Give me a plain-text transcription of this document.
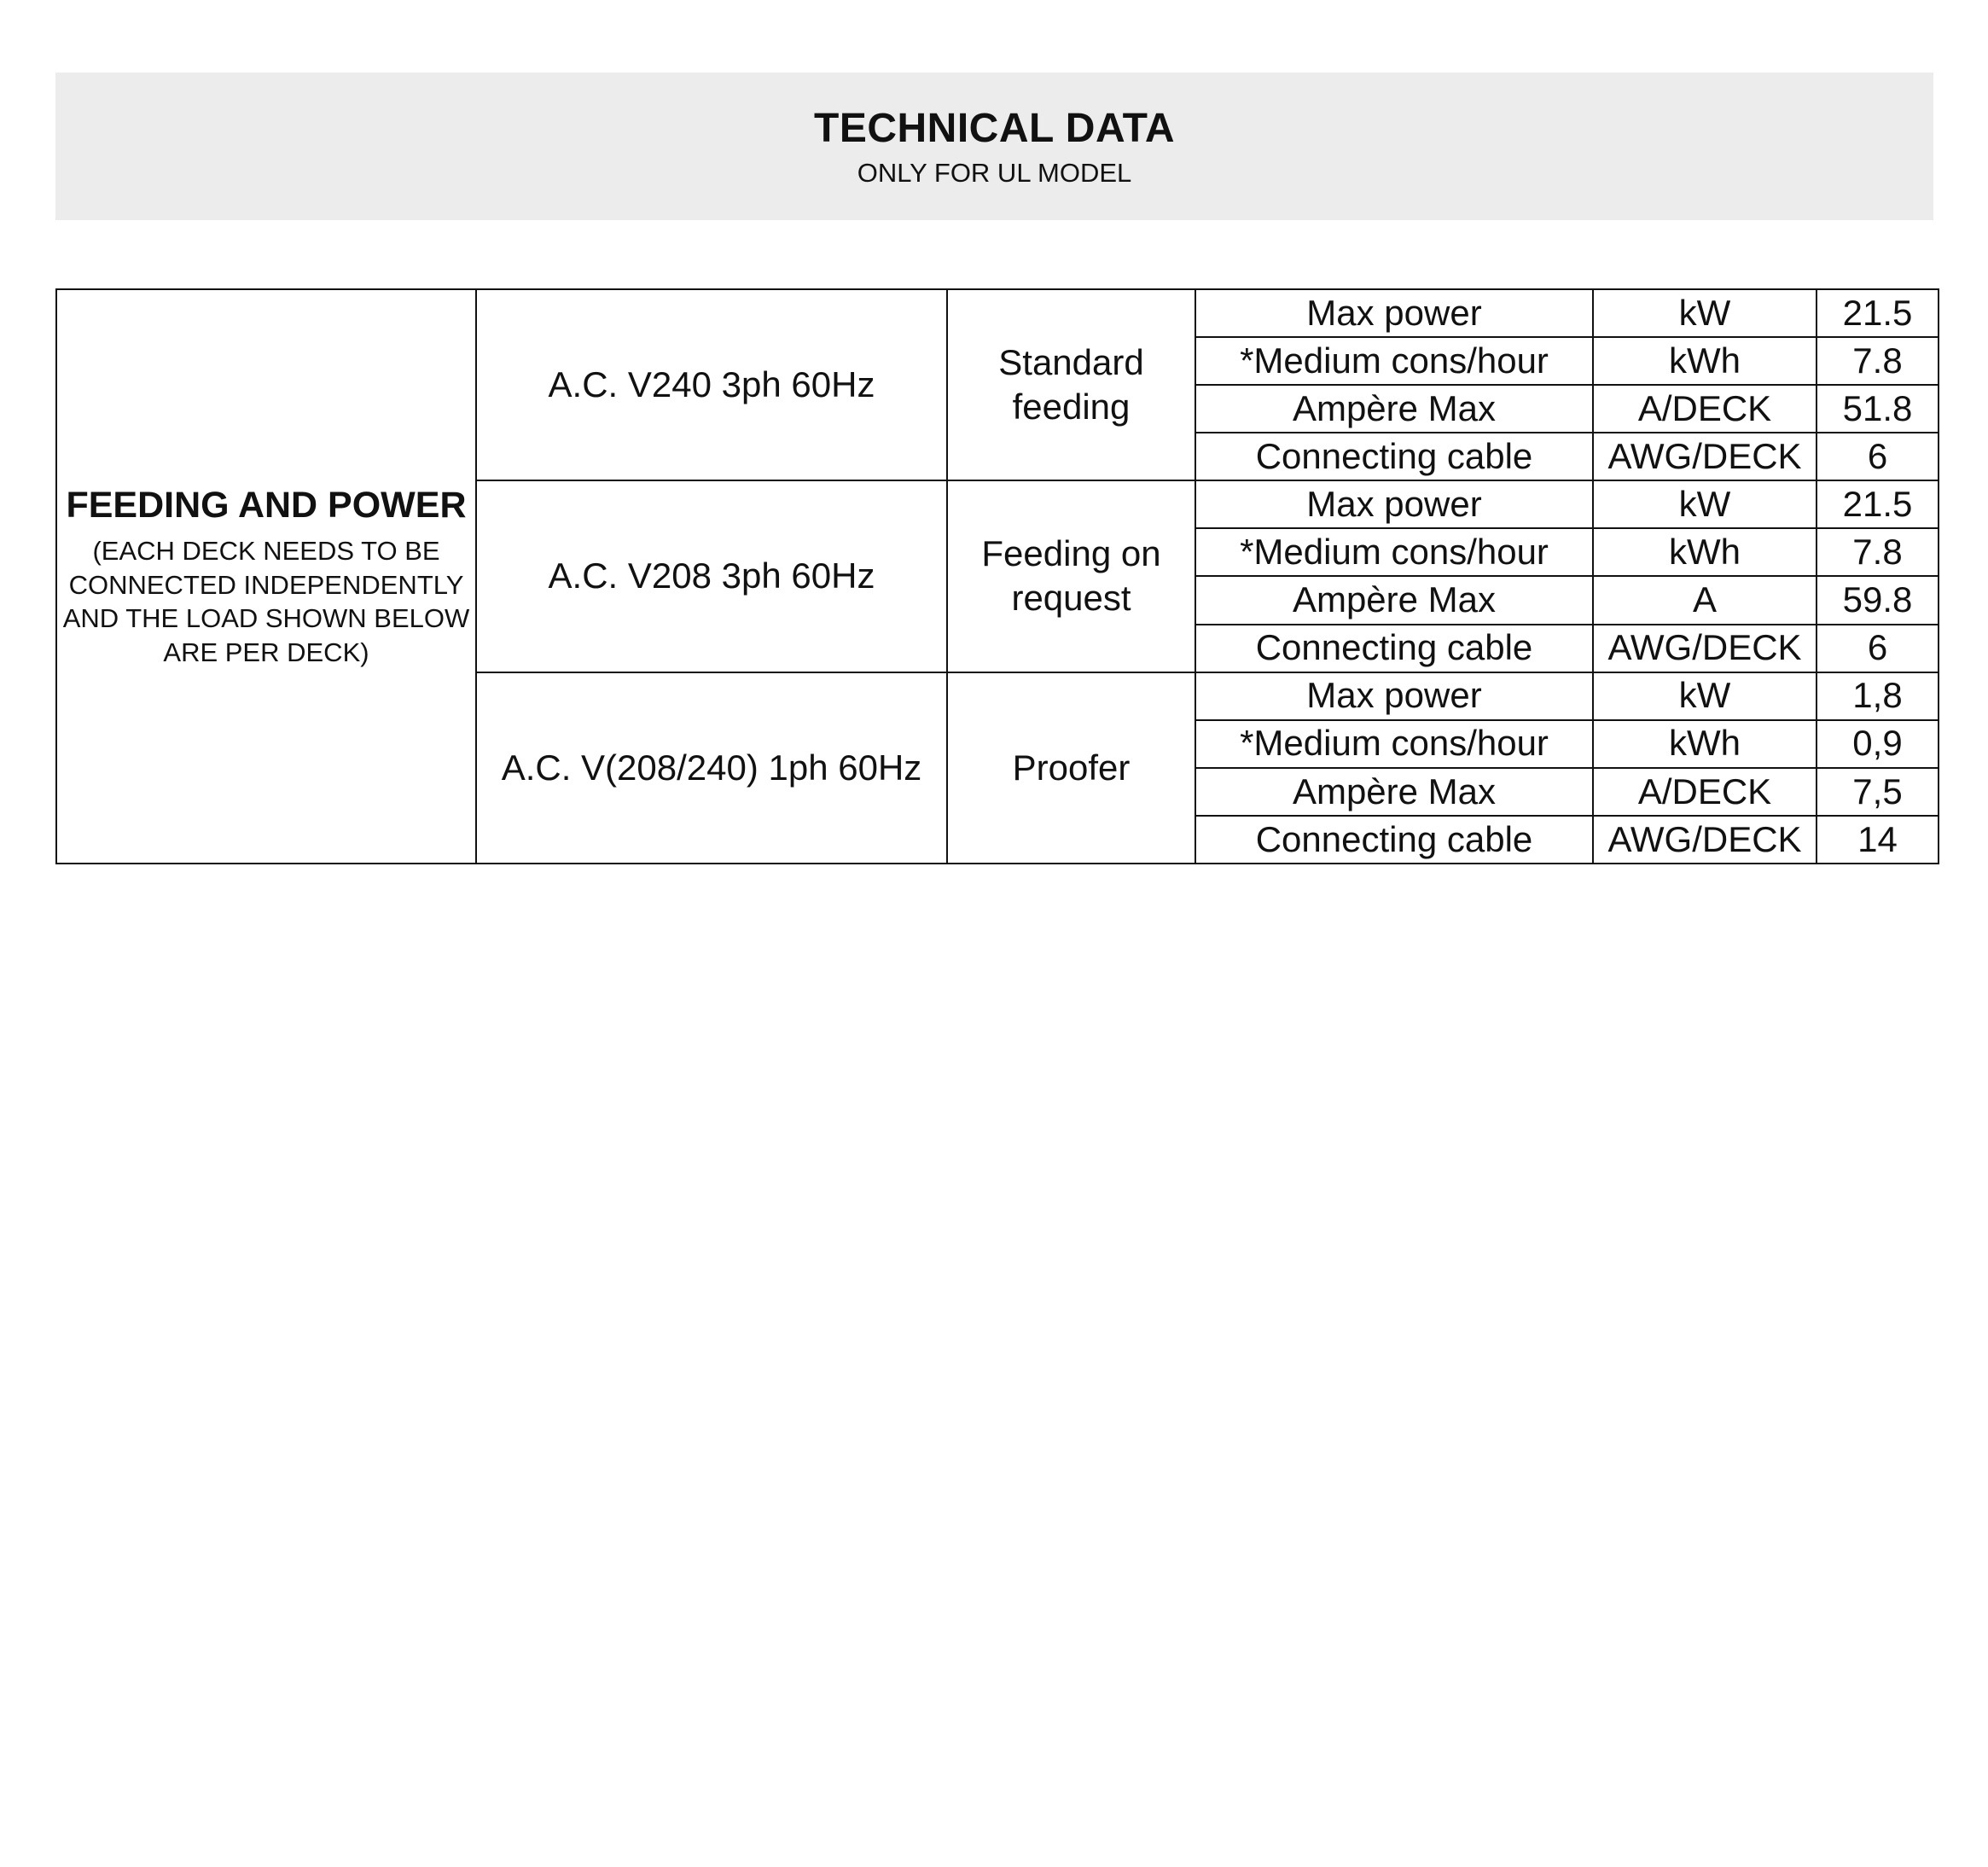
TECHNICAL DATA
ONLY FOR UL MODEL
FEEDING AND POWER
(EACH DECK NEEDS TO BE CONNECTED INDEPENDENTLY AND THE LOAD SHOWN BELOW ARE PER DECK)	A.C. V240 3ph 60Hz	Standard feeding	Max power	kW	21.5
			*Medium cons/hour	kWh	7.8
			Ampère Max	A/DECK	51.8
			Connecting cable	AWG/DECK	6
	A.C. V208 3ph 60Hz	Feeding on request	Max power	kW	21.5
			*Medium cons/hour	kWh	7.8
			Ampère Max	A	59.8
			Connecting cable	AWG/DECK	6
	A.C. V(208/240) 1ph 60Hz	Proofer	Max power	kW	1,8
			*Medium cons/hour	kWh	0,9
			Ampère Max	A/DECK	7,5
			Connecting cable	AWG/DECK	14
